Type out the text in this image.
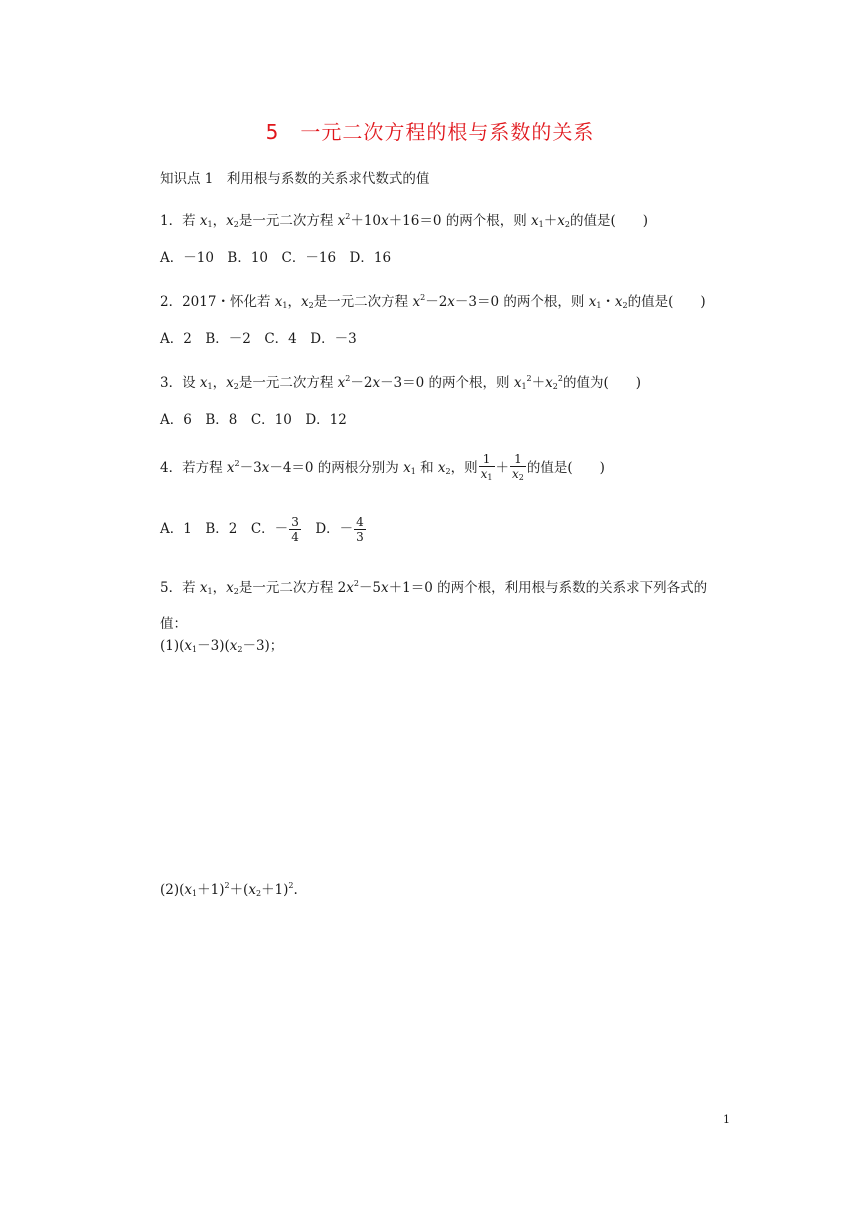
5　一元二次方程的根与系数的关系
知识点 1　利用根与系数的关系求代数式的值
1．若 $x_1$，$x_2$是一元二次方程 $x^2+10x+16=0$ 的两个根，则 $x_1+x_2$的值是(　　)
A．－10　B．10　C．－16　D．16
2．2017・怀化若 $x_1$，$x_2$是一元二次方程 $x^2-2x-3=0$ 的两个根，则 $x_1$・$x_2$的值是(　　)
A．2　B．－2　C．4　D．－3
3．设 $x_1$，$x_2$是一元二次方程 $x^2-2x-3=0$ 的两个根，则 $x_1^2+x_2^2$的值为(　　)
A．6　B．8　C．10　D．12
4．若方程 $x^2-3x-4=0$ 的两根分别为 $x_1$ 和 $x_2$，则 $\frac{1}{x_1} + \frac{1}{x_2}$ 的值是(　　)
A．1　B．2　C．－ $\frac{3}{4}$ 　D．－ $\frac{4}{3}$
5．若 $x_1$，$x_2$是一元二次方程 $2x^2-5x+1=0$ 的两个根，利用根与系数的关系求下列各式的值：
$(1)(x_1-3)(x_2-3)$；
$(2)(x_1+1)^2+(x_2+1)^2$.
1
